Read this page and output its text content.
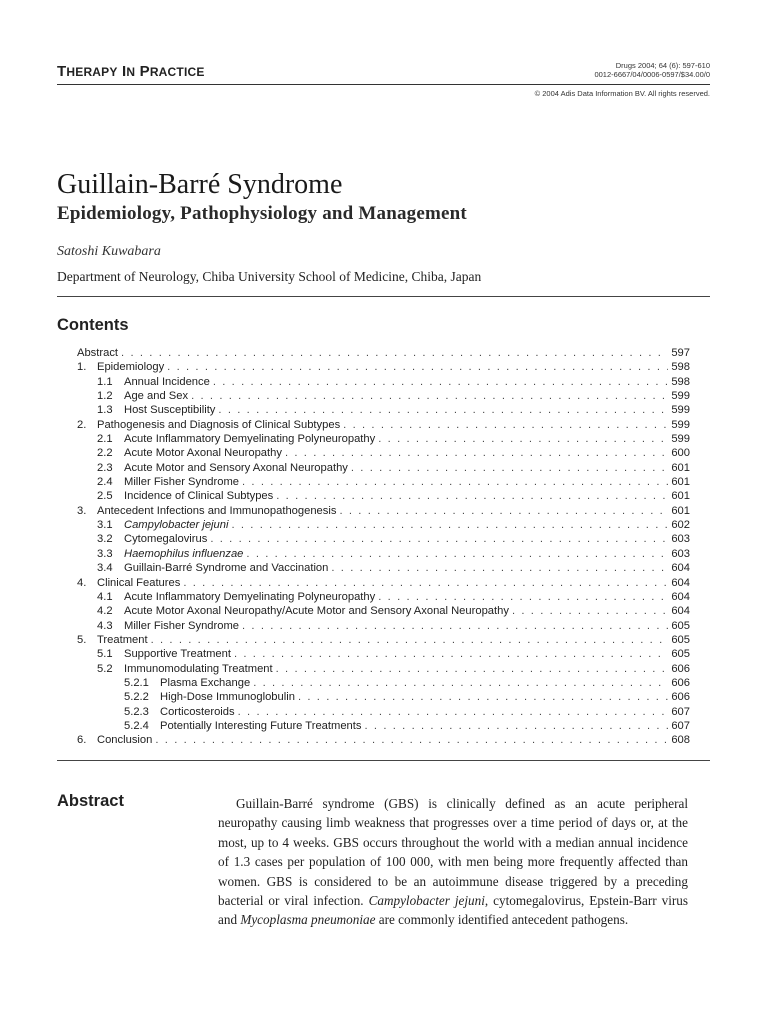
THERAPY IN PRACTICE	Drugs 2004; 64 (6): 597-610
0012-6667/04/0006-0597/$34.00/0
© 2004 Adis Data Information BV. All rights reserved.
Guillain-Barré Syndrome
Epidemiology, Pathophysiology and Management
Satoshi Kuwabara
Department of Neurology, Chiba University School of Medicine, Chiba, Japan
Contents
Abstract . . .	597
1. Epidemiology . . .	598
1.1	Annual Incidence . . .	598
1.2	Age and Sex . . .	599
1.3	Host Susceptibility . . .	599
2. Pathogenesis and Diagnosis of Clinical Subtypes . . .	599
2.1	Acute Inflammatory Demyelinating Polyneuropathy . . .	599
2.2	Acute Motor Axonal Neuropathy . . .	600
2.3	Acute Motor and Sensory Axonal Neuropathy . . .	601
2.4	Miller Fisher Syndrome . . .	601
2.5	Incidence of Clinical Subtypes . . .	601
3. Antecedent Infections and Immunopathogenesis . . .	601
3.1	Campylobacter jejuni . . .	602
3.2	Cytomegalovirus . . .	603
3.3	Haemophilus influenzae . . .	603
3.4	Guillain-Barré Syndrome and Vaccination . . .	604
4. Clinical Features . . .	604
4.1	Acute Inflammatory Demyelinating Polyneuropathy . . .	604
4.2	Acute Motor Axonal Neuropathy/Acute Motor and Sensory Axonal Neuropathy . . .	604
4.3	Miller Fisher Syndrome . . .	605
5. Treatment . . .	605
5.1	Supportive Treatment . . .	605
5.2	Immunomodulating Treatment . . .	606
5.2.1 Plasma Exchange . . .	606
5.2.2 High-Dose Immunoglobulin . . .	606
5.2.3 Corticosteroids . . .	607
5.2.4 Potentially Interesting Future Treatments . . .	607
6. Conclusion . . .	608
Abstract	Guillain-Barré syndrome (GBS) is clinically defined as an acute peripheral neuropathy causing limb weakness that progresses over a time period of days or, at the most, up to 4 weeks. GBS occurs throughout the world with a median annual incidence of 1.3 cases per population of 100 000, with men being more frequently affected than women. GBS is considered to be an autoimmune disease triggered by a preceding bacterial or viral infection. Campylobacter jejuni, cytomegalovirus, Epstein-Barr virus and Mycoplasma pneumoniae are commonly identified antecedent pathogens.
